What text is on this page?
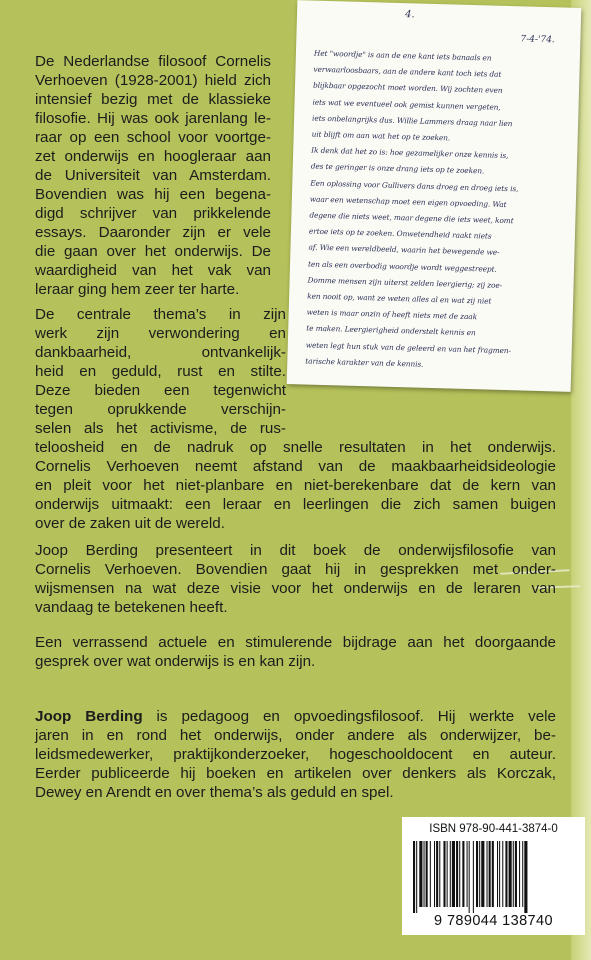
4.
7-4-'74.
Het "woordje" is aan de ene kant iets banaals en
verwaarloosbaars, aan de andere kant toch iets dat
blijkbaar opgezocht moet worden. Wij zochten even
iets wat we eventueel ook gemist kunnen vergeten,
iets onbelangrijks dus. Willie Lammers draag naar lien
uit blijft om aan wat het op te zoeken.
Ik denk dat het zo is: hoe gezamelijker onze kennis is,
des te geringer is onze drang iets op te zoeken.
Een oplossing voor Gullivers dans droeg en droeg iets is,
waar een wetenschap moet een eigen opvoeding. Wat
degene die niets weet, maar degene die iets weet, komt
ertoe iets op te zoeken. Onwetendheid raakt niets
af. Wie een wereldbeeld, waarin het bewegende we-
ten als een overbodig woordje wordt weggestreept.
Domme mensen zijn uiterst zelden leergierig; zij zoe-
ken nooit op, want ze weten alles al en wat zij niet
weten is maar onzin of heeft niets met de zaak
te maken. Leergierigheid onderstelt kennis en
weten legt hun stuk van de geleerd en van het fragmen-
tarische karakter van de kennis.
De Nederlandse filosoof Cornelis
Verhoeven (1928-2001) hield zich
intensief bezig met de klassieke
filosofie. Hij was ook jarenlang le-
raar op een school voor voortge-
zet onderwijs en hoogleraar aan
de Universiteit van Amsterdam.
Bovendien was hij een begena-
digd schrijver van prikkelende
essays. Daaronder zijn er vele
die gaan over het onderwijs. De
waardigheid van het vak van
leraar ging hem zeer ter harte.
De centrale thema’s in zijn
werk zijn verwondering en
dankbaarheid, ontvankelijk-
heid en geduld, rust en stilte.
Deze bieden een tegenwicht
tegen oprukkende verschijn-
selen als het activisme, de rus-
teloosheid en de nadruk op snelle resultaten in het onderwijs.
Cornelis Verhoeven neemt afstand van de maakbaarheidsideologie
en pleit voor het niet-planbare en niet-berekenbare dat de kern van
onderwijs uitmaakt: een leraar en leerlingen die zich samen buigen
over de zaken uit de wereld.
Joop Berding presenteert in dit boek de onderwijsfilosofie van
Cornelis Verhoeven. Bovendien gaat hij in gesprekken met onder-
wijsmensen na wat deze visie voor het onderwijs en de leraren van
vandaag te betekenen heeft.
Een verrassend actuele en stimulerende bijdrage aan het doorgaande
gesprek over wat onderwijs is en kan zijn.
Joop Berding is pedagoog en opvoedingsfilosoof. Hij werkte vele
jaren in en rond het onderwijs, onder andere als onderwijzer, be-
leidsmedewerker, praktijkonderzoeker, hogeschooldocent en auteur.
Eerder publiceerde hij boeken en artikelen over denkers als Korczak,
Dewey en Arendt en over thema’s als geduld en spel.
ISBN 978-90-441-3874-0
9 789044 138740
